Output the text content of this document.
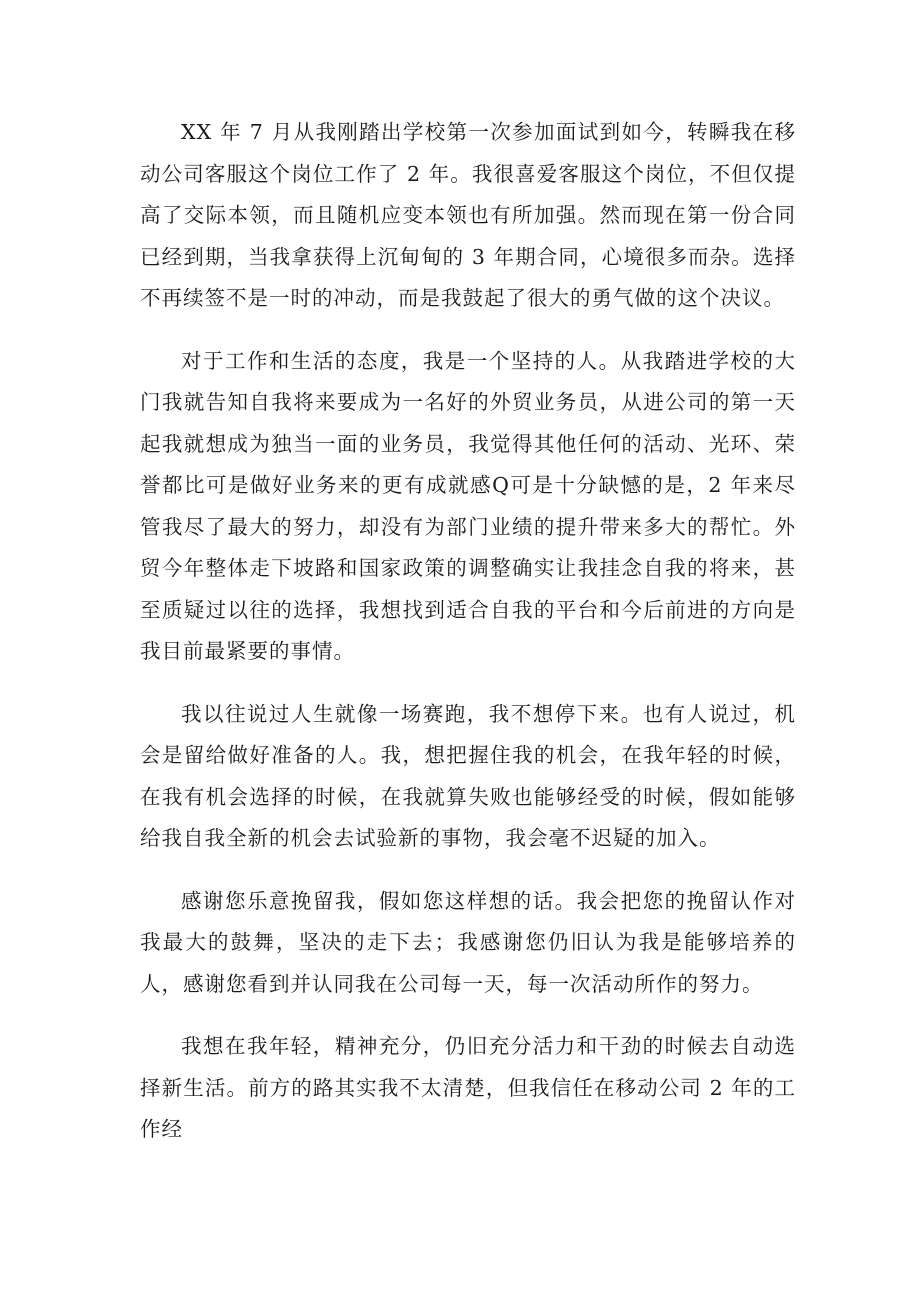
XX 年 7 月从我刚踏出学校第一次参加面试到如今，转瞬我在移动公司客服这个岗位工作了 2 年。我很喜爱客服这个岗位，不但仅提高了交际本领，而且随机应变本领也有所加强。然而现在第一份合同已经到期，当我拿获得上沉甸甸的 3 年期合同，心境很多而杂。选择不再续签不是一时的冲动，而是我鼓起了很大的勇气做的这个决议。

对于工作和生活的态度，我是一个坚持的人。从我踏进学校的大门我就告知自我将来要成为一名好的外贸业务员，从进公司的第一天起我就想成为独当一面的业务员，我觉得其他任何的活动、光环、荣誉都比可是做好业务来的更有成就感Q可是十分缺憾的是，2 年来尽管我尽了最大的努力，却没有为部门业绩的提升带来多大的帮忙。外贸今年整体走下坡路和国家政策的调整确实让我挂念自我的将来，甚至质疑过以往的选择，我想找到适合自我的平台和今后前进的方向是我目前最紧要的事情。

我以往说过人生就像一场赛跑，我不想停下来。也有人说过，机会是留给做好准备的人。我，想把握住我的机会，在我年轻的时候，在我有机会选择的时候，在我就算失败也能够经受的时候，假如能够给我自我全新的机会去试验新的事物，我会毫不迟疑的加入。

感谢您乐意挽留我，假如您这样想的话。我会把您的挽留认作对我最大的鼓舞，坚决的走下去；我感谢您仍旧认为我是能够培养的人，感谢您看到并认同我在公司每一天，每一次活动所作的努力。

我想在我年轻，精神充分，仍旧充分活力和干劲的时候去自动选择新生活。前方的路其实我不太清楚，但我信任在移动公司 2 年的工作经
